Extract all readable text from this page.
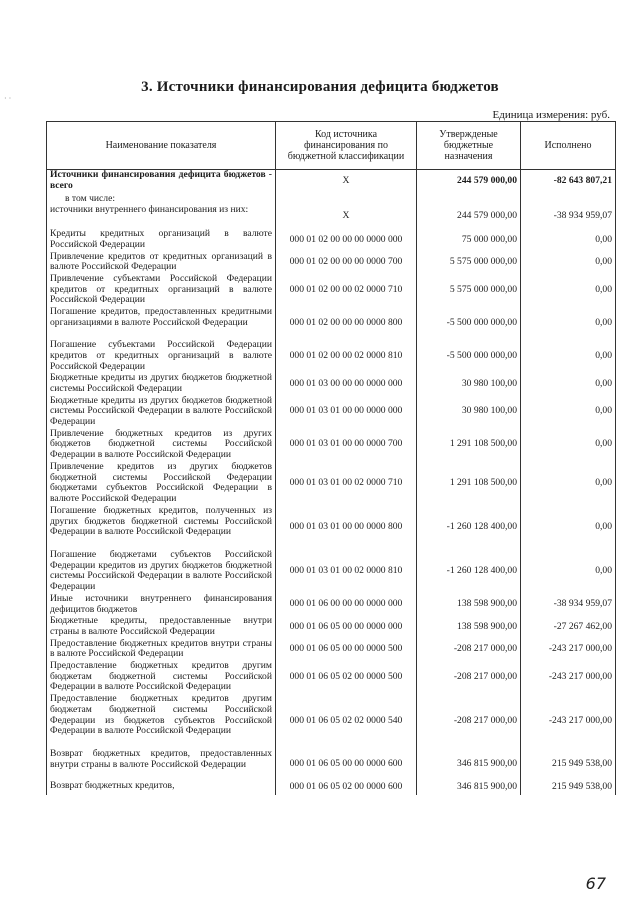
· ·
3. Источники финансирования дефицита бюджетов
Единица измерения: руб.
Наименование показателя	Код источника финансирования по бюджетной классификации	Утвержденые бюджетные назначения	Исполнено
Источники финансирования дефицита бюджетов - всего	X	244 579 000,00	-82 643 807,21
в том числе:			
источники внутреннего финансирования из них:	X	244 579 000,00	-38 934 959,07
Кредиты кредитных организаций в валюте Российской Федерации	000 01 02 00 00 00 0000 000	75 000 000,00	0,00
Привлечение кредитов от кредитных организаций в валюте Российской Федерации	000 01 02 00 00 00 0000 700	5 575 000 000,00	0,00
Привлечение субъектами Российской Федерации кредитов от кредитных организаций в валюте Российской Федерации	000 01 02 00 00 02 0000 710	5 575 000 000,00	0,00
Погашение кредитов, предоставленных кредитными организациями в валюте Российской Федерации	000 01 02 00 00 00 0000 800	-5 500 000 000,00	0,00
Погашение субъектами Российской Федерации кредитов от кредитных организаций в валюте Российской Федерации	000 01 02 00 00 02 0000 810	-5 500 000 000,00	0,00
Бюджетные кредиты из других бюджетов бюджетной системы Российской Федерации	000 01 03 00 00 00 0000 000	30 980 100,00	0,00
Бюджетные кредиты из других бюджетов бюджетной системы Российской Федерации в валюте Российской Федерации	000 01 03 01 00 00 0000 000	30 980 100,00	0,00
Привлечение бюджетных кредитов из других бюджетов бюджетной системы Российской Федерации в валюте Российской Федерации	000 01 03 01 00 00 0000 700	1 291 108 500,00	0,00
Привлечение кредитов из других бюджетов бюджетной системы Российской Федерации бюджетами субъектов Российской Федерации в валюте Российской Федерации	000 01 03 01 00 02 0000 710	1 291 108 500,00	0,00
Погашение бюджетных кредитов, полученных из других бюджетов бюджетной системы Российской Федерации в валюте Российской Федерации	000 01 03 01 00 00 0000 800	-1 260 128 400,00	0,00
Погашение бюджетами субъектов Российской Федерации кредитов из других бюджетов бюджетной системы Российской Федерации в валюте Российской Федерации	000 01 03 01 00 02 0000 810	-1 260 128 400,00	0,00
Иные источники внутреннего финансирования дефицитов бюджетов	000 01 06 00 00 00 0000 000	138 598 900,00	-38 934 959,07
Бюджетные кредиты, предоставленные внутри страны в валюте Российской Федерации	000 01 06 05 00 00 0000 000	138 598 900,00	-27 267 462,00
Предоставление бюджетных кредитов внутри страны в валюте Российской Федерации	000 01 06 05 00 00 0000 500	-208 217 000,00	-243 217 000,00
Предоставление бюджетных кредитов другим бюджетам бюджетной системы Российской Федерации в валюте Российской Федерации	000 01 06 05 02 00 0000 500	-208 217 000,00	-243 217 000,00
Предоставление бюджетных кредитов другим бюджетам бюджетной системы Российской Федерации из бюджетов субъектов Российской Федерации в валюте Российской Федерации	000 01 06 05 02 02 0000 540	-208 217 000,00	-243 217 000,00
Возврат бюджетных кредитов, предоставленных внутри страны в валюте Российской Федерации	000 01 06 05 00 00 0000 600	346 815 900,00	215 949 538,00
Возврат бюджетных кредитов,	000 01 06 05 02 00 0000 600	346 815 900,00	215 949 538,00
67
